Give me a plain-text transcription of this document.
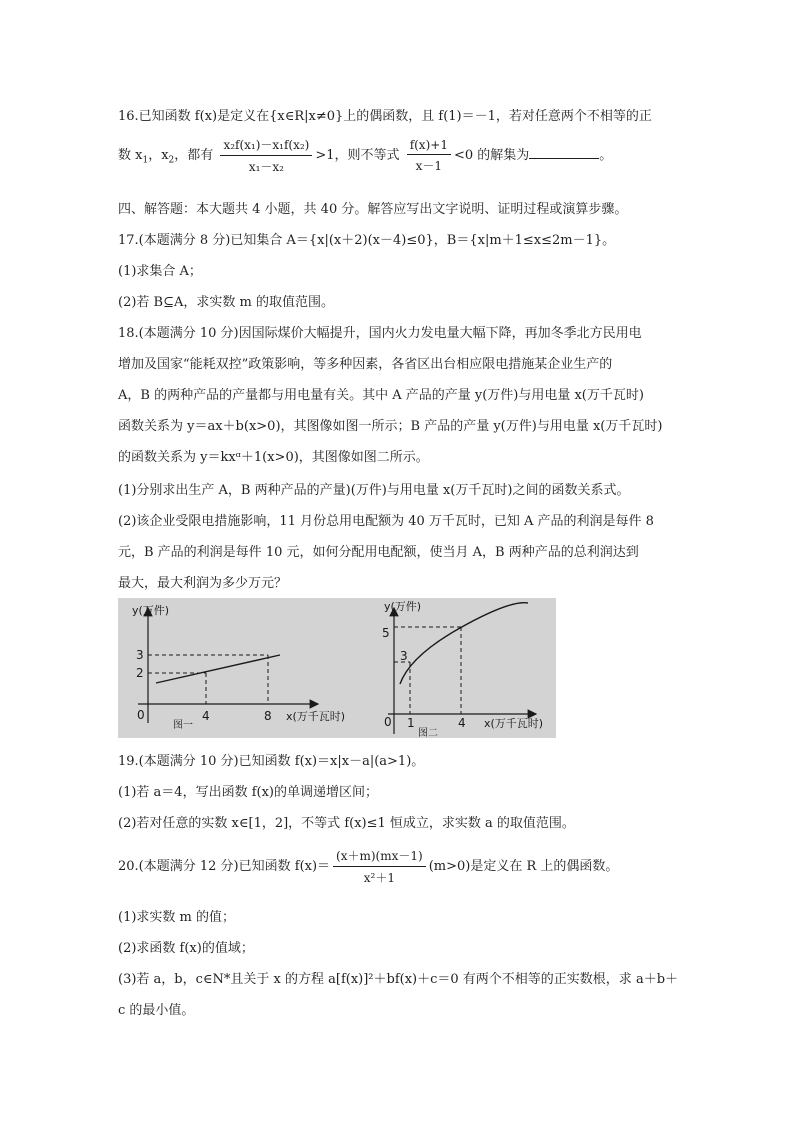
16.已知函数 f(x)是定义在{x∈R|x≠0}上的偶函数，且 f(1)＝－1，若对任意两个不相等的正
数 $x_1$，$x_2$，都有 $\frac{\text{x₂f(x₁)－x₁f(x₂)}}{\text{x₁－x₂}} >1$，则不等式 $\frac{f(x)+1}{x-1} <0$ 的解集为	。
四、解答题：本大题共 4 小题，共 40 分。解答应写出文字说明、证明过程或演算步骤。
17.(本题满分 8 分)已知集合 A＝{x|(x＋2)(x－4)≤0}，B＝{x|m＋1≤x≤2m－1}。
(1)求集合 A；
(2)若 B⊆A，求实数 m 的取值范围。
18.(本题满分 10 分)因国际煤价大幅提升，国内火力发电量大幅下降，再加冬季北方民用电
增加及国家“能耗双控”政策影响，等多种因素，各省区出台相应限电措施某企业生产的
A，B 的两种产品的产量都与用电量有关。其中 A 产品的产量 y(万件)与用电量 x(万千瓦时)
函数关系为 y＝ax＋b(x>0)，其图像如图一所示；B 产品的产量 y(万件)与用电量 x(万千瓦时)
的函数关系为 y＝kxᵅ＋1(x>0)，其图像如图二所示。
(1)分别求出生产 A，B 两种产品的产量)(万件)与用电量 x(万千瓦时)之间的函数关系式。
(2)该企业受限电措施影响，11 月份总用电配额为 40 万千瓦时，已知 A 产品的利润是每件 8
元，B 产品的利润是每件 10 元，如何分配用电配额，使当月 A，B 两种产品的总利润达到
最大，最大利润为多少万元？
y(万件)
3
2
0	4	8 x(万千瓦时)
图一
y(万件)
5
3
0 1	4 x(万千瓦时)
图二
19.(本题满分 10 分)已知函数 f(x)＝x|x－a|(a>1)。
(1)若 a＝4，写出函数 f(x)的单调递增区间；
(2)若对任意的实数 x∈[1，2]，不等式 f(x)≤1 恒成立，求实数 a 的取值范围。
20.(本题满分 12 分)已知函数 $f(x)= \frac{(x+m)(mx-1)}{\text{x²＋1}} (m>0)$是定义在 R 上的偶函数。
(1)求实数 m 的值；
(2)求函数 f(x)的值域；
(3)若 a，b，c∈N*且关于 x 的方程 a[f(x)]²＋bf(x)＋c＝0 有两个不相等的正实数根，求 a＋b＋
c 的最小值。
